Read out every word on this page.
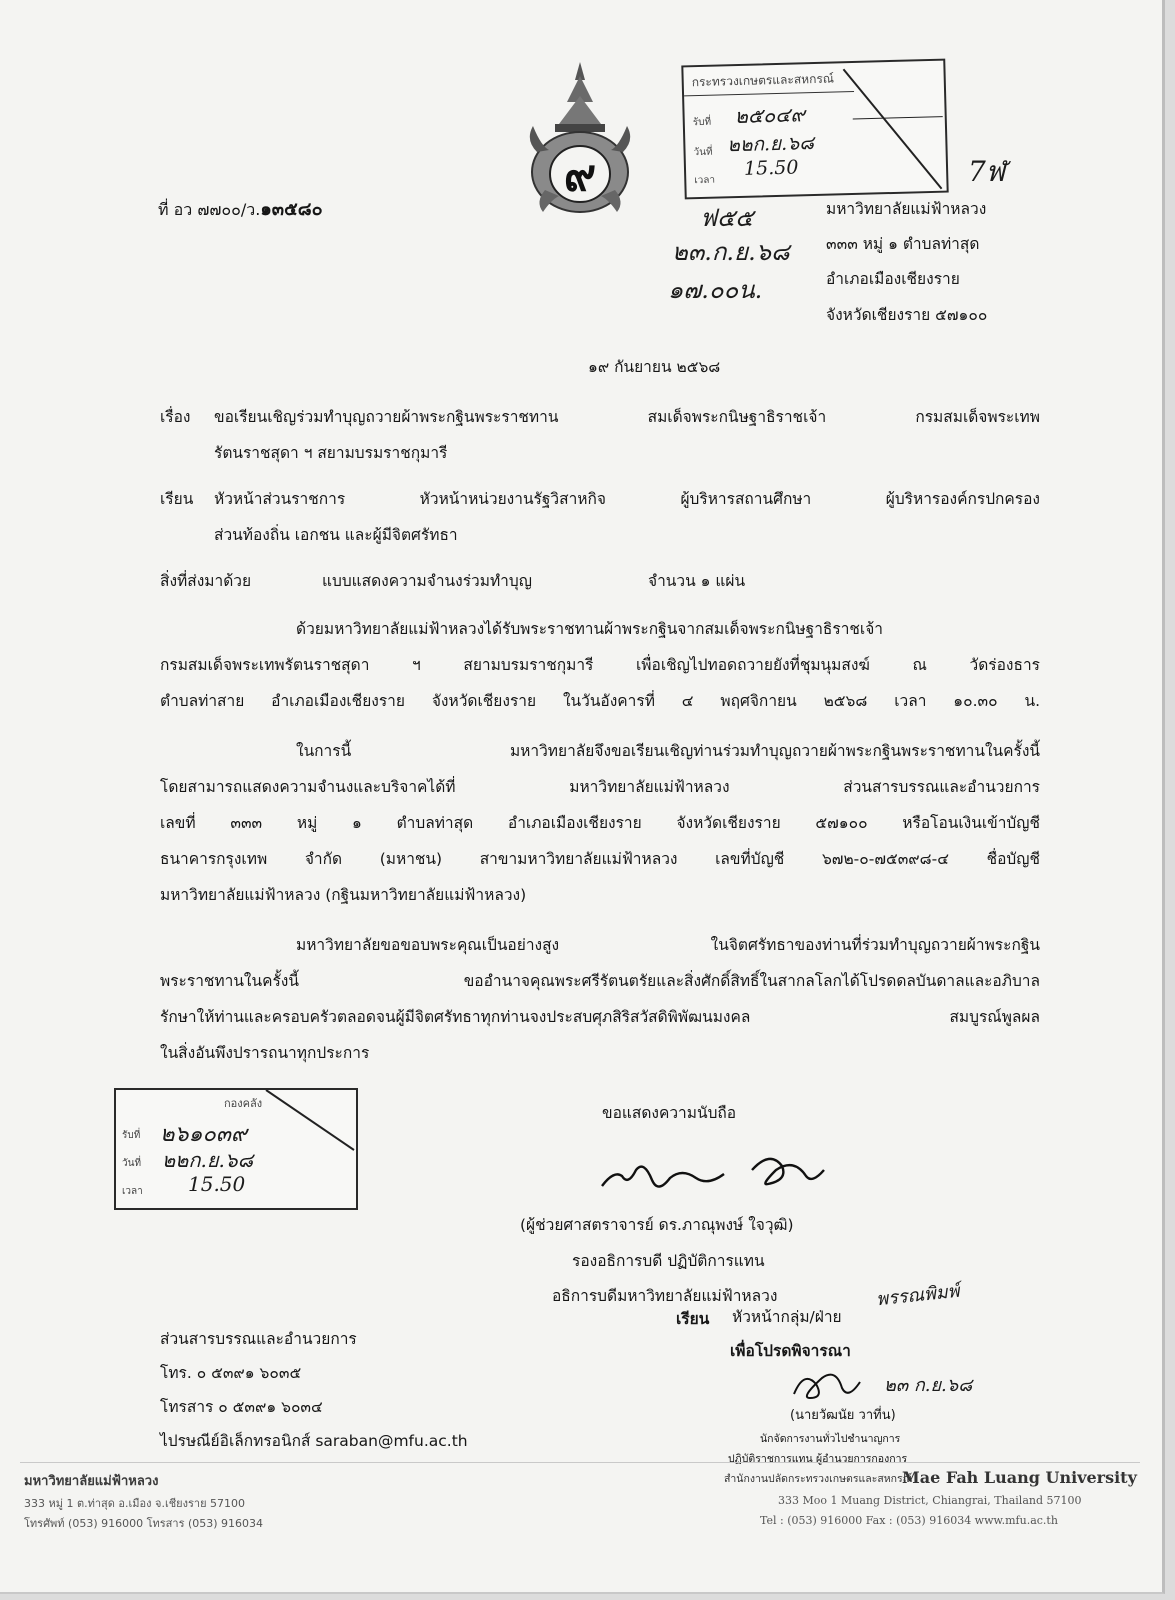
๙
ที่ อว ๗๗๐๐/ว.๑๓๕๘๐
กระทรวงเกษตรและสหกรณ์
รับที่
วันที่
เวลา
๒๕๐๔๙
๒๒ก.ย.๖๘
15.50
ฟ๕๕
๒๓.ก.ย.๖๘
๑๗.๐๐น.
7ฬ
มหาวิทยาลัยแม่ฟ้าหลวง
๓๓๓ หมู่ ๑ ตำบลท่าสุด
อำเภอเมืองเชียงราย
จังหวัดเชียงราย ๕๗๑๐๐
๑๙ กันยายน ๒๕๖๘
เรื่อง ขอเรียนเชิญร่วมทำบุญถวายผ้าพระกฐินพระราชทาน สมเด็จพระกนิษฐาธิราชเจ้า กรมสมเด็จพระเทพ
รัตนราชสุดา ฯ สยามบรมราชกุมารี
เรียน หัวหน้าส่วนราชการ หัวหน้าหน่วยงานรัฐวิสาหกิจ ผู้บริหารสถานศึกษา ผู้บริหารองค์กรปกครอง
ส่วนท้องถิ่น เอกชน และผู้มีจิตศรัทธา
สิ่งที่ส่งมาด้วย	แบบแสดงความจำนงร่วมทำบุญ	จำนวน ๑ แผ่น
ด้วยมหาวิทยาลัยแม่ฟ้าหลวงได้รับพระราชทานผ้าพระกฐินจากสมเด็จพระกนิษฐาธิราชเจ้า
กรมสมเด็จพระเทพรัตนราชสุดา ฯ สยามบรมราชกุมารี เพื่อเชิญไปทอดถวายยังที่ชุมนุมสงฆ์ ณ วัดร่องธาร
ตำบลท่าสาย อำเภอเมืองเชียงราย จังหวัดเชียงราย ในวันอังคารที่ ๔ พฤศจิกายน ๒๕๖๘ เวลา ๑๐.๓๐ น.
ในการนี้ มหาวิทยาลัยจึงขอเรียนเชิญท่านร่วมทำบุญถวายผ้าพระกฐินพระราชทานในครั้งนี้
โดยสามารถแสดงความจำนงและบริจาคได้ที่ มหาวิทยาลัยแม่ฟ้าหลวง ส่วนสารบรรณและอำนวยการ
เลขที่ ๓๓๓ หมู่ ๑ ตำบลท่าสุด อำเภอเมืองเชียงราย จังหวัดเชียงราย ๕๗๑๐๐ หรือโอนเงินเข้าบัญชี
ธนาคารกรุงเทพ จำกัด (มหาชน) สาขามหาวิทยาลัยแม่ฟ้าหลวง เลขที่บัญชี ๖๗๒-๐-๗๕๓๙๘-๔ ชื่อบัญชี
มหาวิทยาลัยแม่ฟ้าหลวง (กฐินมหาวิทยาลัยแม่ฟ้าหลวง)
มหาวิทยาลัยขอขอบพระคุณเป็นอย่างสูง ในจิตศรัทธาของท่านที่ร่วมทำบุญถวายผ้าพระกฐิน
พระราชทานในครั้งนี้ ขออำนาจคุณพระศรีรัตนตรัยและสิ่งศักดิ์สิทธิ์ในสากลโลกได้โปรดดลบันดาลและอภิบาล
รักษาให้ท่านและครอบครัวตลอดจนผู้มีจิตศรัทธาทุกท่านจงประสบศุภสิริสวัสดิพิพัฒนมงคล สมบูรณ์พูลผล
ในสิ่งอันพึงปรารถนาทุกประการ
กองคลัง
รับที่
วันที่
เวลา
๒๖๑๐๓๙
๒๒ก.ย.๖๘
15.50
ขอแสดงความนับถือ
(ผู้ช่วยศาสตราจารย์ ดร.ภาณุพงษ์ ใจวุฒิ)
รองอธิการบดี ปฏิบัติการแทน
อธิการบดีมหาวิทยาลัยแม่ฟ้าหลวง
เรียน หัวหน้ากลุ่ม/ฝ่าย
พรรณพิมพ์
เพื่อโปรดพิจารณา
๒๓ ก.ย.๖๘
(นายวัฒนัย วาที่น)
นักจัดการงานทั่วไปชำนาญการ
ปฏิบัติราชการแทน ผู้อำนวยการกองการ
สำนักงานปลัดกระทรวงเกษตรและสหกรณ์
ส่วนสารบรรณและอำนวยการ
โทร. ๐ ๕๓๙๑ ๖๐๓๕
โทรสาร ๐ ๕๓๙๑ ๖๐๓๔
ไปรษณีย์อิเล็กทรอนิกส์ saraban@mfu.ac.th
มหาวิทยาลัยแม่ฟ้าหลวง
333 หมู่ 1 ต.ท่าสุด อ.เมือง จ.เชียงราย 57100
โทรศัพท์ (053) 916000 โทรสาร (053) 916034
Mae Fah Luang University
333 Moo 1 Muang District, Chiangrai, Thailand 57100
Tel : (053) 916000 Fax : (053) 916034 www.mfu.ac.th
